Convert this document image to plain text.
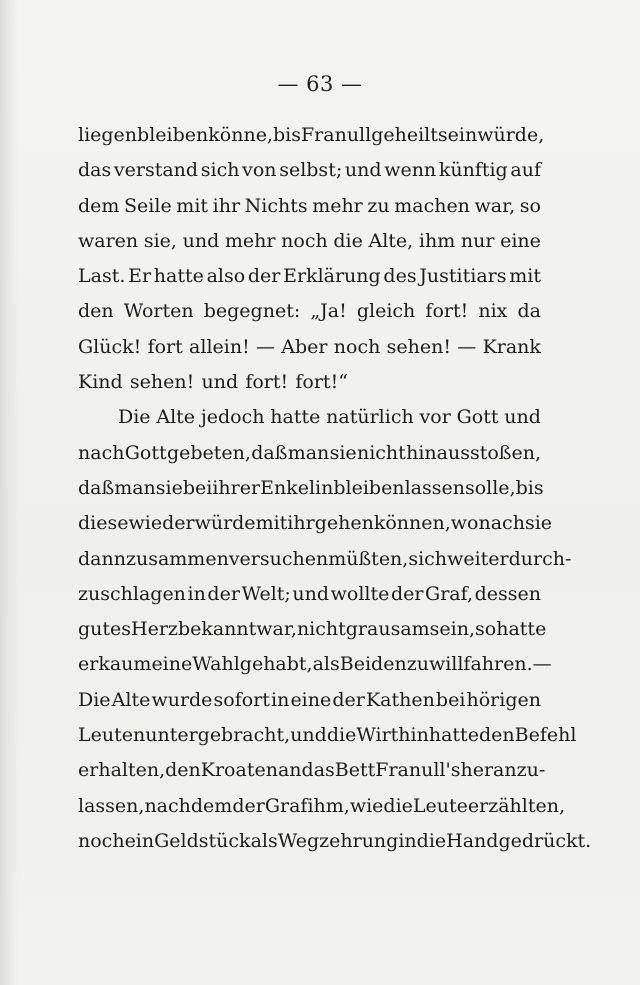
— 63 —
liegen bleiben könne, bis Franull geheilt sein würde,
das verstand sich von selbst; und wenn künftig auf
dem Seile mit ihr Nichts mehr zu machen war, so
waren sie, und mehr noch die Alte, ihm nur eine
Last. Er hatte also der Erklärung des Justitiars mit
den Worten begegnet: „Ja! gleich fort! nix da
Glück! fort allein! — Aber noch sehen! — Krank
Kind sehen! und fort! fort!“
Die Alte jedoch hatte natürlich vor Gott und
nach Gott gebeten, daß man sie nicht hinausstoßen,
daß man sie bei ihrer Enkelin bleiben lassen solle, bis
diese wieder würde mit ihr gehen können, wonach sie
dann zusammen versuchen müßten, sich weiter durch-
zuschlagen in der Welt; und wollte der Graf, dessen
gutes Herz bekannt war, nicht grausam sein, so hatte
er kaum eine Wahl gehabt, als Beiden zu willfahren. —
Die Alte wurde sofort in eine der Kathen bei hörigen
Leuten untergebracht, und die Wirthin hatte den Befehl
erhalten, den Kroaten an das Bett Franull's heranzu-
lassen, nachdem der Graf ihm, wie die Leute erzählten,
noch ein Geldstück als Wegzehrung in die Hand gedrückt.
